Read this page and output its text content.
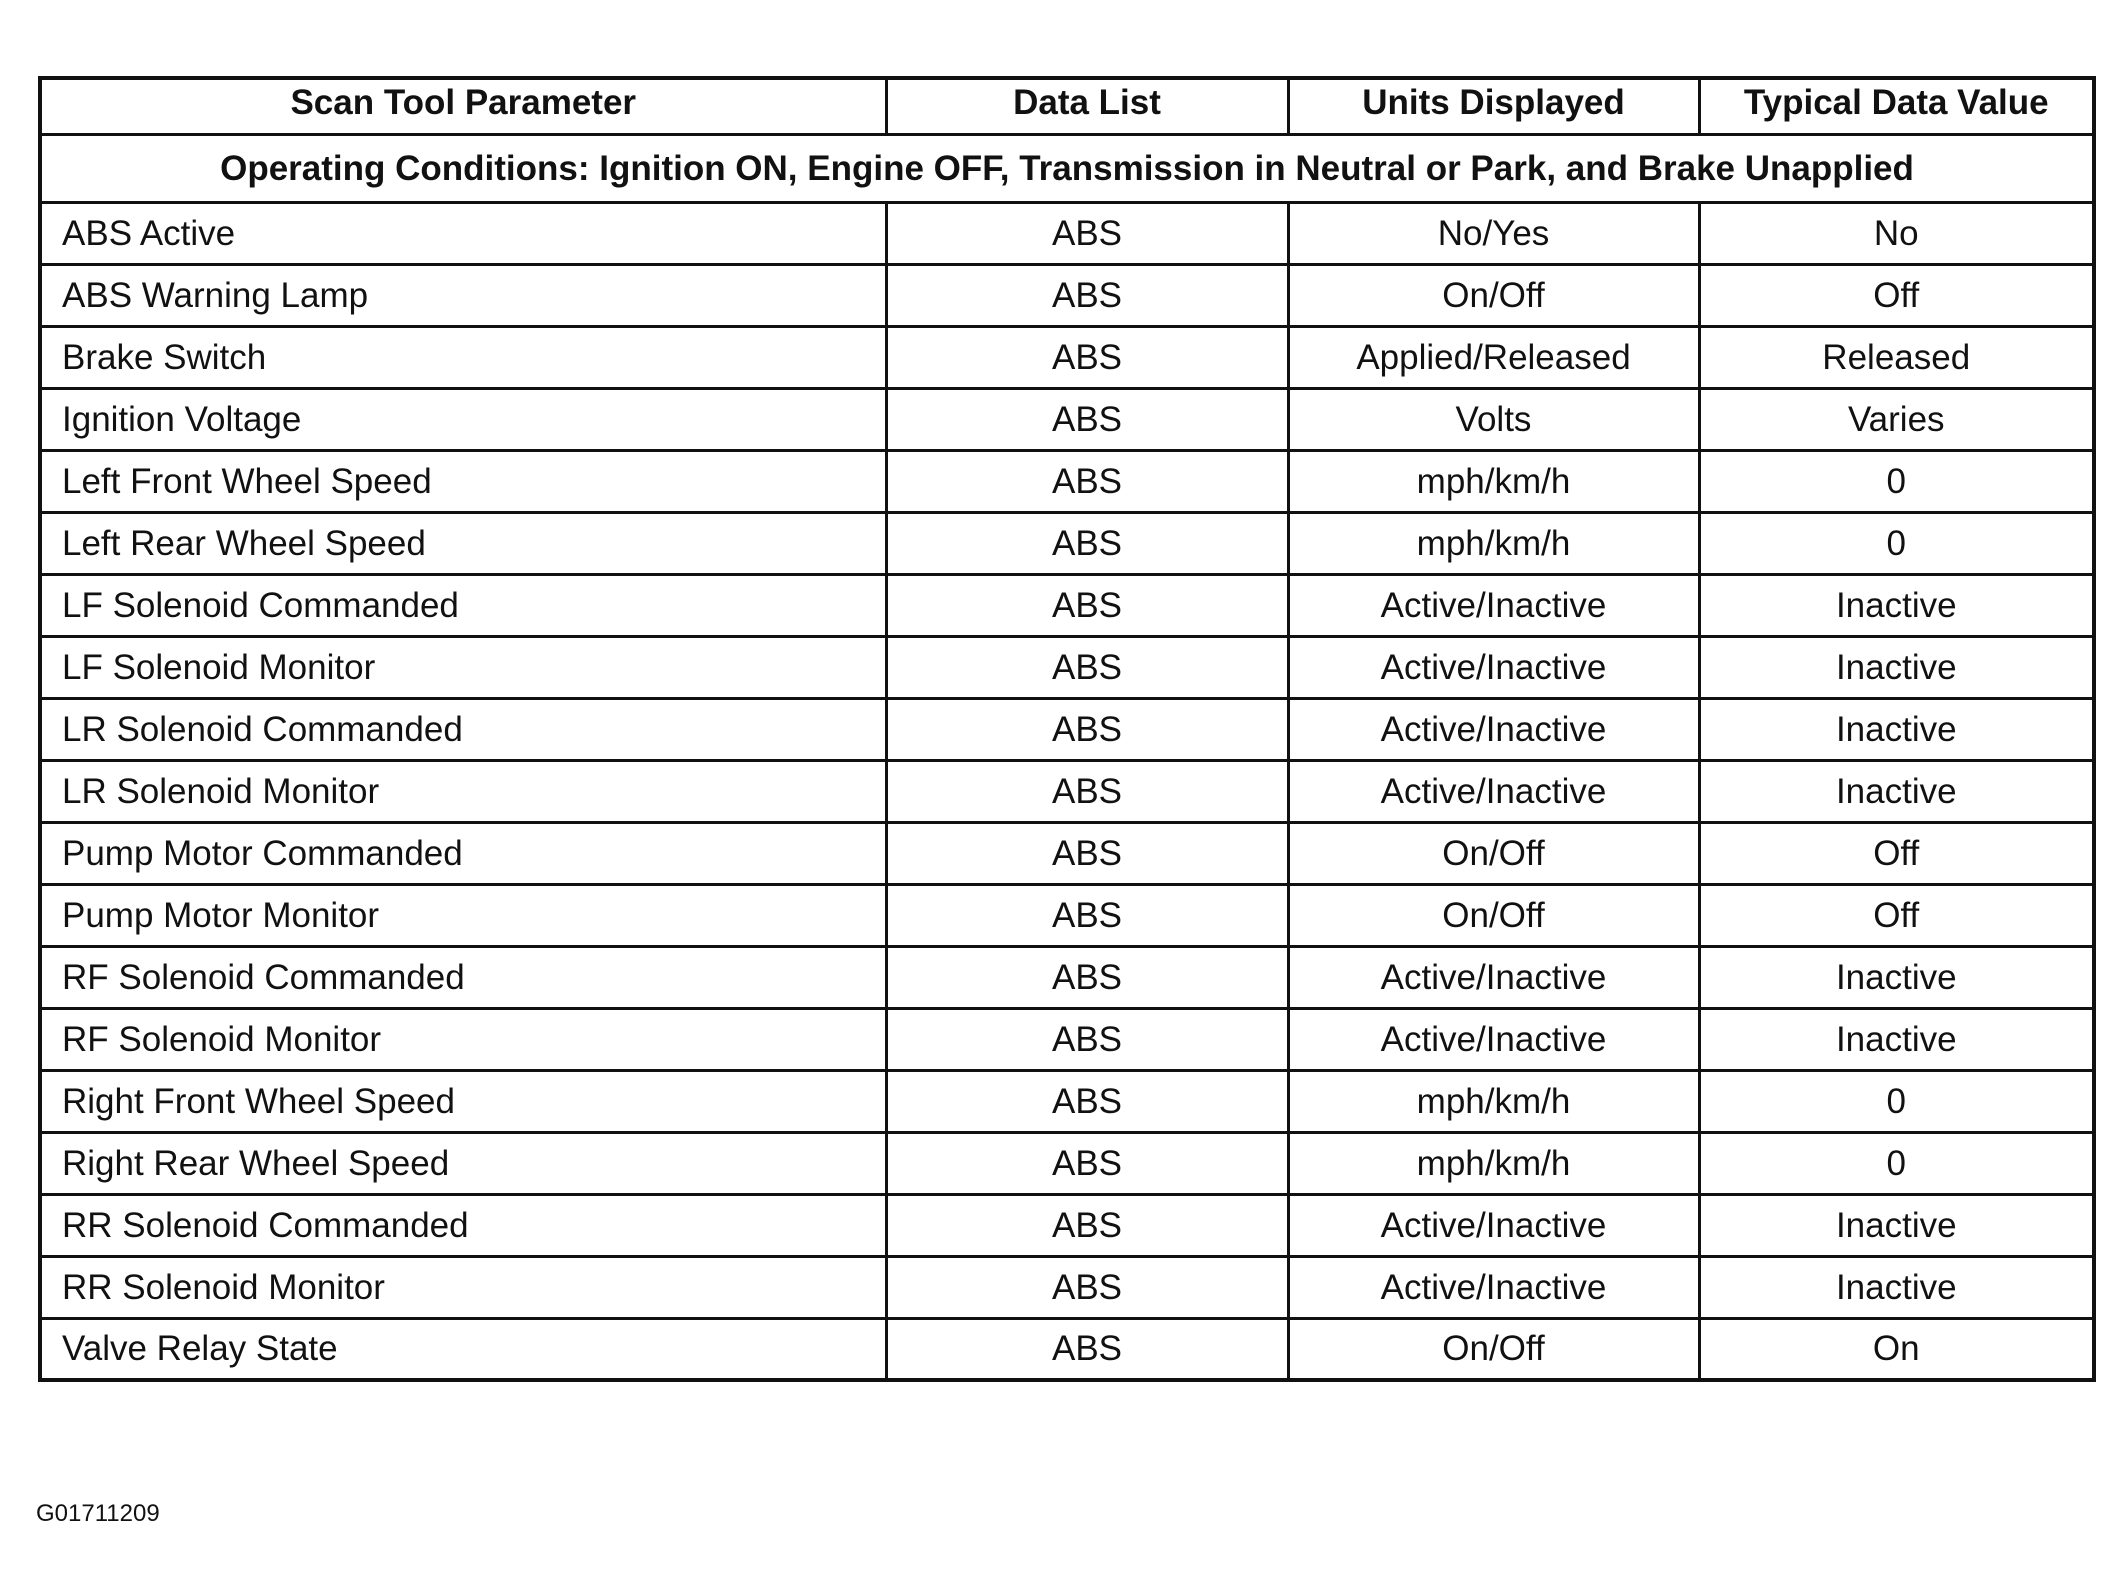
Scan Tool Parameter	Data List	Units Displayed	Typical Data Value
Operating Conditions: Ignition ON, Engine OFF, Transmission in Neutral or Park, and Brake Unapplied			
ABS Active	ABS	No/Yes	No
ABS Warning Lamp	ABS	On/Off	Off
Brake Switch	ABS	Applied/Released	Released
Ignition Voltage	ABS	Volts	Varies
Left Front Wheel Speed	ABS	mph/km/h	0
Left Rear Wheel Speed	ABS	mph/km/h	0
LF Solenoid Commanded	ABS	Active/Inactive	Inactive
LF Solenoid Monitor	ABS	Active/Inactive	Inactive
LR Solenoid Commanded	ABS	Active/Inactive	Inactive
LR Solenoid Monitor	ABS	Active/Inactive	Inactive
Pump Motor Commanded	ABS	On/Off	Off
Pump Motor Monitor	ABS	On/Off	Off
RF Solenoid Commanded	ABS	Active/Inactive	Inactive
RF Solenoid Monitor	ABS	Active/Inactive	Inactive
Right Front Wheel Speed	ABS	mph/km/h	0
Right Rear Wheel Speed	ABS	mph/km/h	0
RR Solenoid Commanded	ABS	Active/Inactive	Inactive
RR Solenoid Monitor	ABS	Active/Inactive	Inactive
Valve Relay State	ABS	On/Off	On
G01711209
